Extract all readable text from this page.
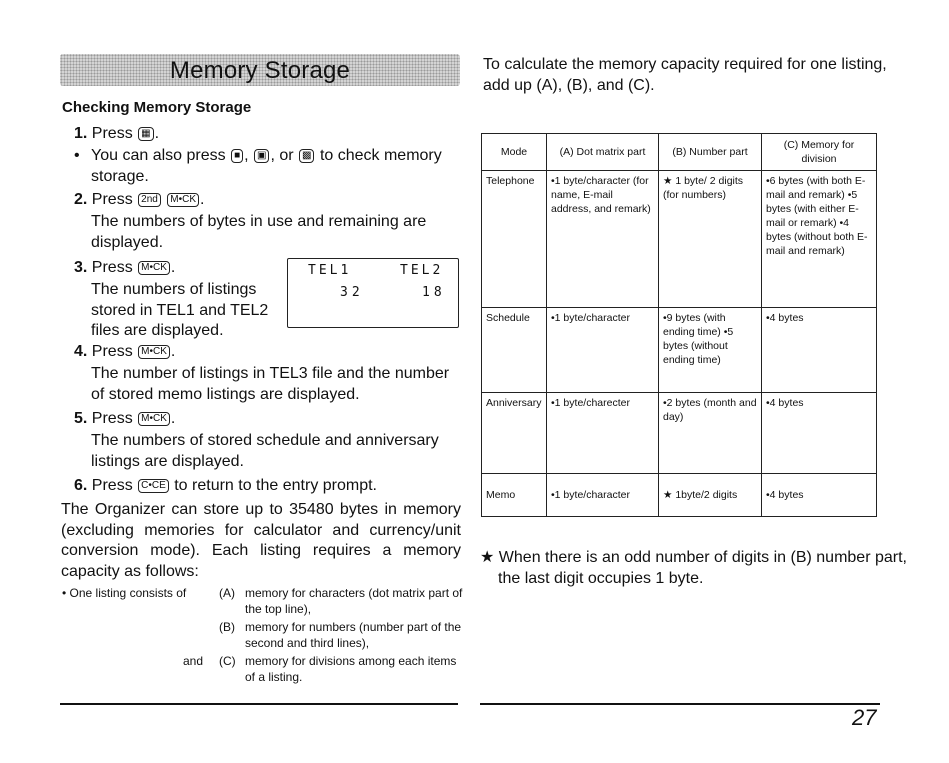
Memory Storage
Checking Memory Storage
1. Press ▦ .
• You can also press ■ , ▣ , or ▩ to check memory storage.
2. Press 2nd M•CK .
The numbers of bytes in use and remaining are displayed.
3. Press M•CK .
The numbers of listings stored in TEL1 and TEL2 files are displayed.
TEL1	TEL2
32	18
4. Press M•CK .
The number of listings in TEL3 file and the number of stored memo listings are displayed.
5. Press M•CK .
The numbers of stored schedule and anniversary listings are displayed.
6. Press C•CE to return to the entry prompt.
The Organizer can store up to 35480 bytes in memory (excluding memories for calculator and currency/unit conversion mode). Each listing requires a memory capacity as follows:
• One listing consists of	(A) memory for characters (dot matrix part of the top line),
(B) memory for numbers (number part of the second and third lines),
and (C) memory for divisions among each items of a listing.
To calculate the memory capacity required for one listing, add up (A), (B), and (C).
Mode	(A) Dot matrix part	(B) Number part	(C) Memory for division
Telephone	•1 byte/character (for name, E-mail address, and remark)	★ 1 byte/ 2 digits (for numbers)	•6 bytes (with both E-mail and remark) •5 bytes (with either E-mail or remark) •4 bytes (without both E-mail and remark)
Schedule	•1 byte/character	•9 bytes (with ending time) •5 bytes (without ending time)	•4 bytes
Anniversary	•1 byte/charecter	•2 bytes (month and day)	•4 bytes
Memo	•1 byte/character	★ 1byte/2 digits	•4 bytes
★ When there is an odd number of digits in (B) number part, the last digit occupies 1 byte.
27
